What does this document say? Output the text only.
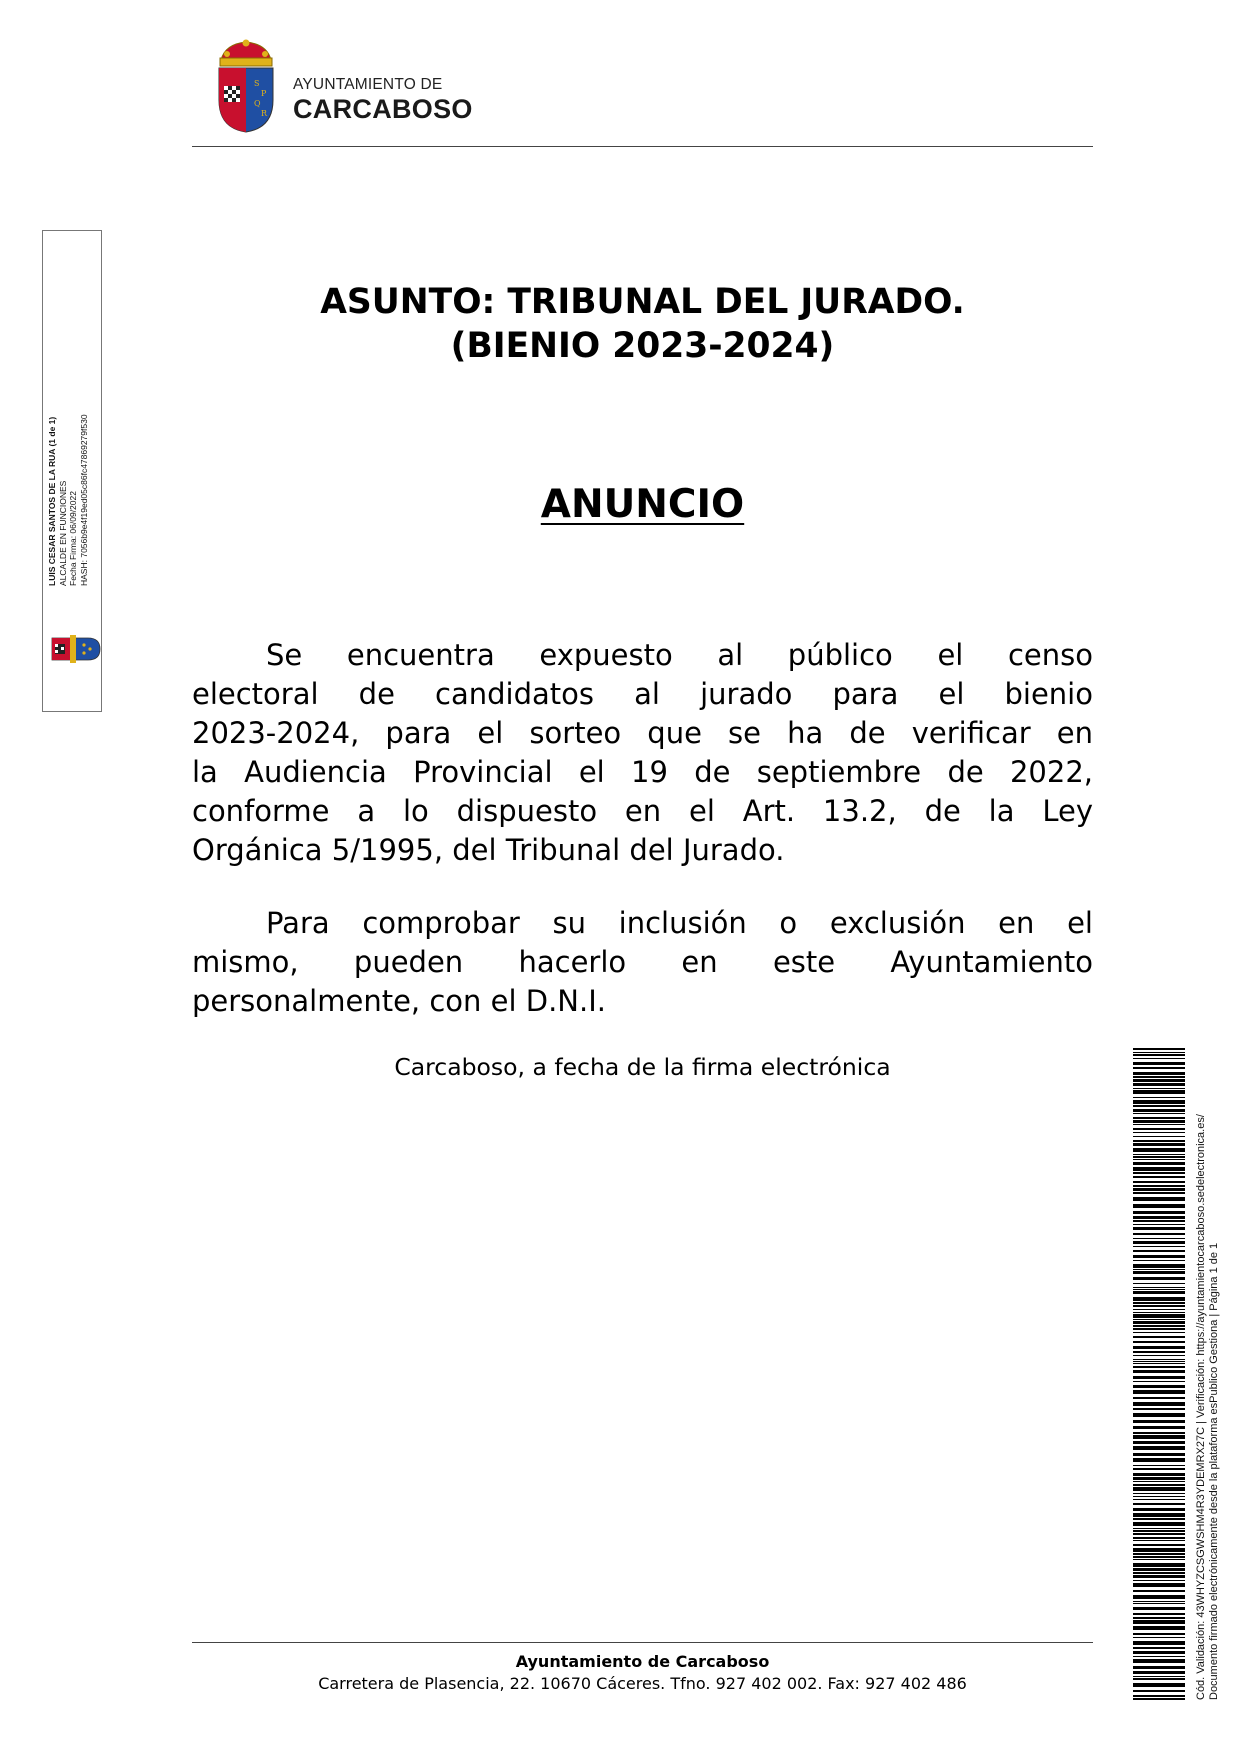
S
P
Q
R
AYUNTAMIENTO DE
CARCABOSO
LUIS CESAR SANTOS DE LA RUA (1 de 1) ALCALDE EN FUNCIONES Fecha Firma: 06/09/2022 HASH: 7056b9e4f19ed05c86fc47869279f530
ASUNTO: TRIBUNAL DEL JURADO.
(BIENIO 2023-2024)
ANUNCIO
Se encuentra expuesto al público el censo
electoral de candidatos al jurado para el bienio
2023-2024, para el sorteo que se ha de verificar en
la Audiencia Provincial el 19 de septiembre de 2022,
conforme a lo dispuesto en el Art. 13.2, de la Ley
Orgánica 5/1995, del Tribunal del Jurado.
Para comprobar su inclusión o exclusión en el
mismo, pueden hacerlo en este Ayuntamiento
personalmente, con el D.N.I.
Carcaboso, a fecha de la firma electrónica
Ayuntamiento de Carcaboso
Carretera de Plasencia, 22. 10670 Cáceres. Tfno. 927 402 002. Fax: 927 402 486	Cód. Validación: 43WHYZCSGWSHM4R3YDEMRX27C | Verificación: https://ayuntamientocarcaboso.sedelectronica.es/ Documento firmado electrónicamente desde la plataforma esPublico Gestiona | Página 1 de 1
